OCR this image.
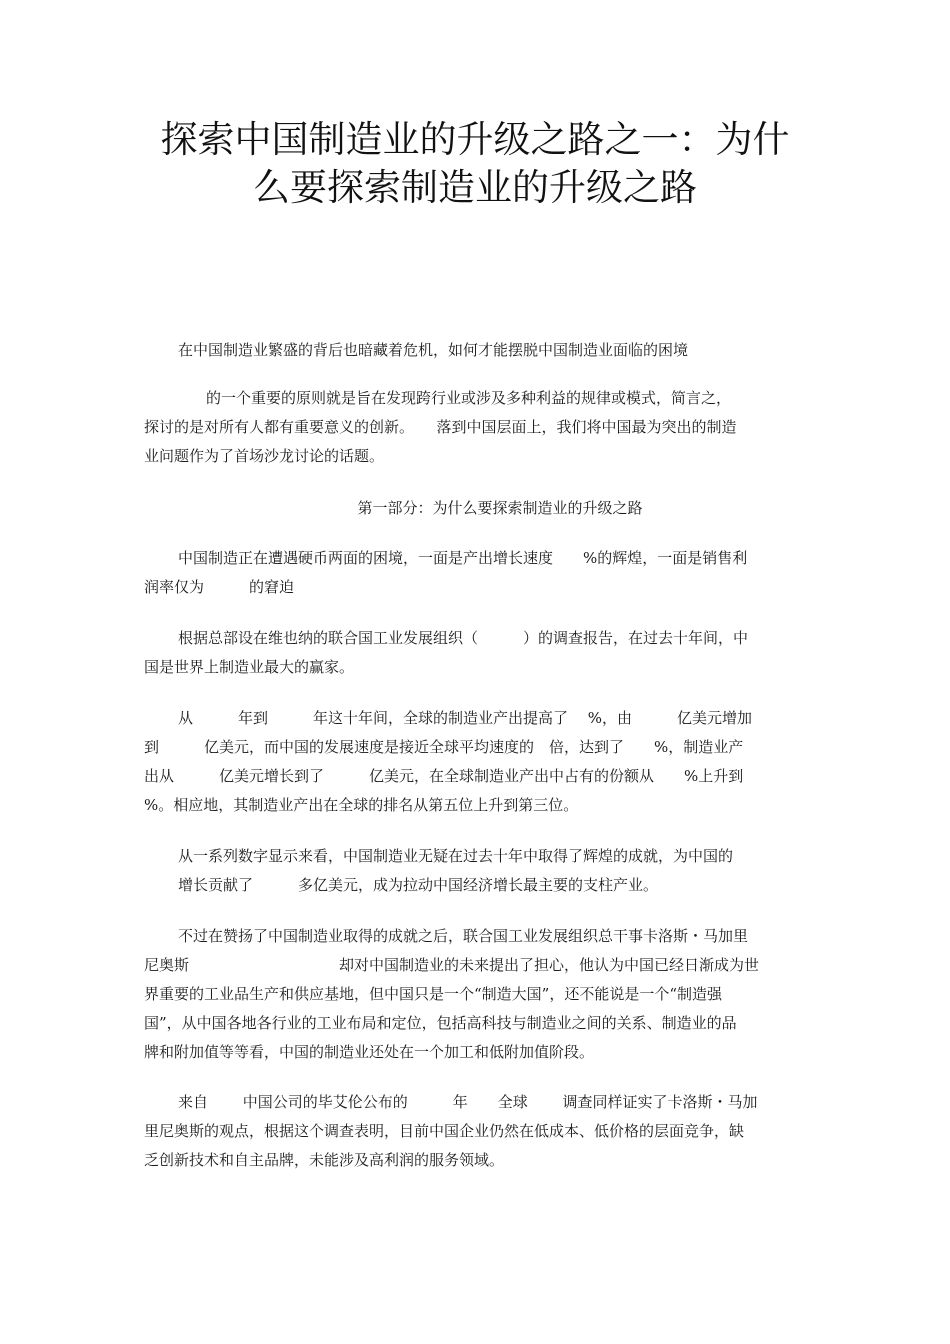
探索中国制造业的升级之路之一：为什
么要探索制造业的升级之路

在中国制造业繁盛的背后也暗藏着危机，如何才能摆脱中国制造业面临的困境

的一个重要的原则就是旨在发现跨行业或涉及多种利益的规律或模式，简言之，
探讨的是对所有人都有重要意义的创新。　　落到中国层面上，我们将中国最为突出的制造
业问题作为了首场沙龙讨论的话题。

第一部分：为什么要探索制造业的升级之路

中国制造正在遭遇硬币两面的困境，一面是产出增长速度　　%的辉煌，一面是销售利
润率仅为　　　的窘迫

根据总部设在维也纳的联合国工业发展组织（　　　）的调查报告，在过去十年间，中
国是世界上制造业最大的赢家。

从　　　年到　　　年这十年间，全球的制造业产出提高了　 %，由　　　亿美元增加
到　　　亿美元，而中国的发展速度是接近全球平均速度的　倍，达到了　　%，制造业产
出从　　　亿美元增长到了　　　亿美元，在全球制造业产出中占有的份额从　　%上升到
%。相应地，其制造业产出在全球的排名从第五位上升到第三位。

从一系列数字显示来看，中国制造业无疑在过去十年中取得了辉煌的成就，为中国的
增长贡献了　　　多亿美元，成为拉动中国经济增长最主要的支柱产业。

不过在赞扬了中国制造业取得的成就之后，联合国工业发展组织总干事卡洛斯・马加里
尼奥斯　　　　　　　　　　却对中国制造业的未来提出了担心，他认为中国已经日渐成为世
界重要的工业品生产和供应基地，但中国只是一个“制造大国”，还不能说是一个“制造强
国”，从中国各地各行业的工业布局和定位，包括高科技与制造业之间的关系、制造业的品
牌和附加值等等看，中国的制造业还处在一个加工和低附加值阶段。

来自　　 中国公司的毕艾伦公布的　　　年　　全球　　 调查同样证实了卡洛斯・马加
里尼奥斯的观点，根据这个调查表明，目前中国企业仍然在低成本、低价格的层面竞争，缺
乏创新技术和自主品牌，未能涉及高利润的服务领域。
